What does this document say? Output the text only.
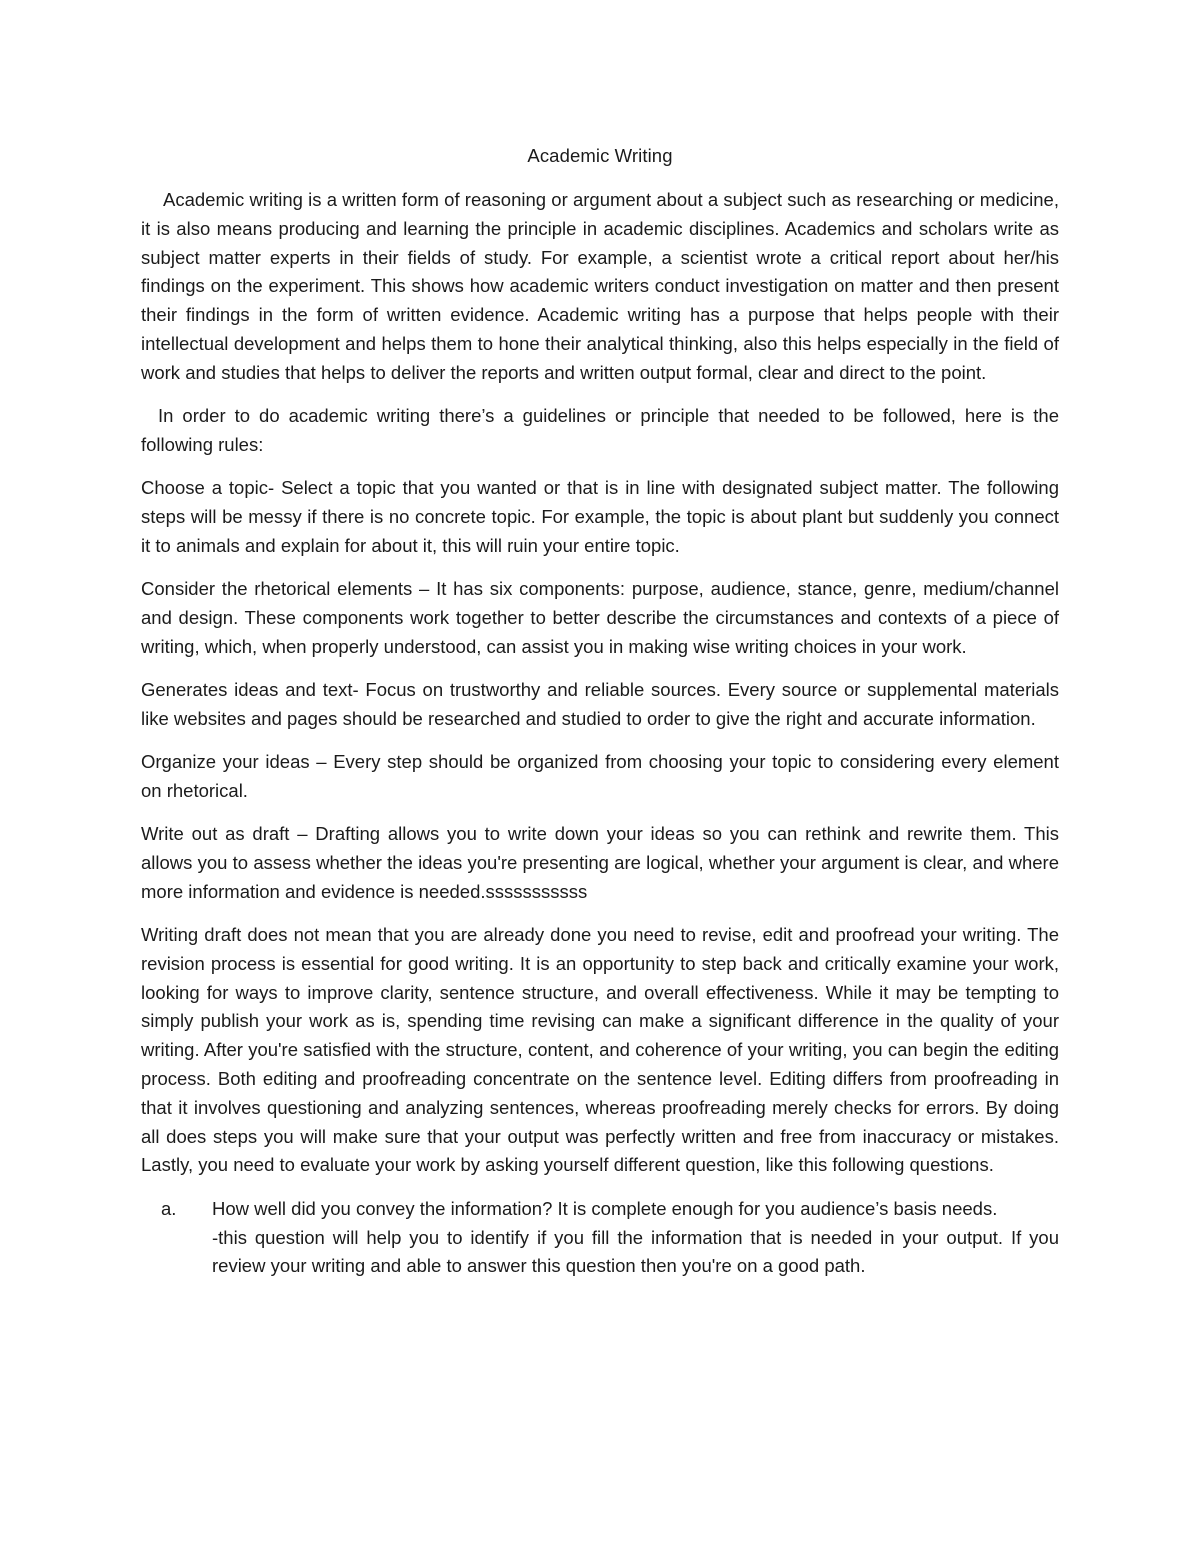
Academic Writing

Academic writing is a written form of reasoning or argument about a subject such as researching or medicine, it is also means producing and learning the principle in academic disciplines. Academics and scholars write as subject matter experts in their fields of study. For example, a scientist wrote a critical report about her/his findings on the experiment. This shows how academic writers conduct investigation on matter and then present their findings in the form of written evidence. Academic writing has a purpose that helps people with their intellectual development and helps them to hone their analytical thinking, also this helps especially in the field of work and studies that helps to deliver the reports and written output formal, clear and direct to the point.

In order to do academic writing there’s a guidelines or principle that needed to be followed, here is the following rules:

Choose a topic- Select a topic that you wanted or that is in line with designated subject matter. The following steps will be messy if there is no concrete topic. For example, the topic is about plant but suddenly you connect it to animals and explain for about it, this will ruin your entire topic.

Consider the rhetorical elements – It has six components: purpose, audience, stance, genre, medium/channel and design. These components work together to better describe the circumstances and contexts of a piece of writing, which, when properly understood, can assist you in making wise writing choices in your work.

Generates ideas and text- Focus on trustworthy and reliable sources. Every source or supplemental materials like websites and pages should be researched and studied to order to give the right and accurate information.

Organize your ideas – Every step should be organized from choosing your topic to considering every element on rhetorical.

Write out as draft – Drafting allows you to write down your ideas so you can rethink and rewrite them. This allows you to assess whether the ideas you're presenting are logical, whether your argument is clear, and where more information and evidence is needed.sssssssssss

Writing draft does not mean that you are already done you need to revise, edit and proofread your writing. The revision process is essential for good writing. It is an opportunity to step back and critically examine your work, looking for ways to improve clarity, sentence structure, and overall effectiveness. While it may be tempting to simply publish your work as is, spending time revising can make a significant difference in the quality of your writing. After you're satisfied with the structure, content, and coherence of your writing, you can begin the editing process. Both editing and proofreading concentrate on the sentence level. Editing differs from proofreading in that it involves questioning and analyzing sentences, whereas proofreading merely checks for errors. By doing all does steps you will make sure that your output was perfectly written and free from inaccuracy or mistakes. Lastly, you need to evaluate your work by asking yourself different question, like this following questions.

a.	How well did you convey the information? It is complete enough for you audience’s basis needs.
-this question will help you to identify if you fill the information that is needed in your output. If you review your writing and able to answer this question then you're on a good path.
